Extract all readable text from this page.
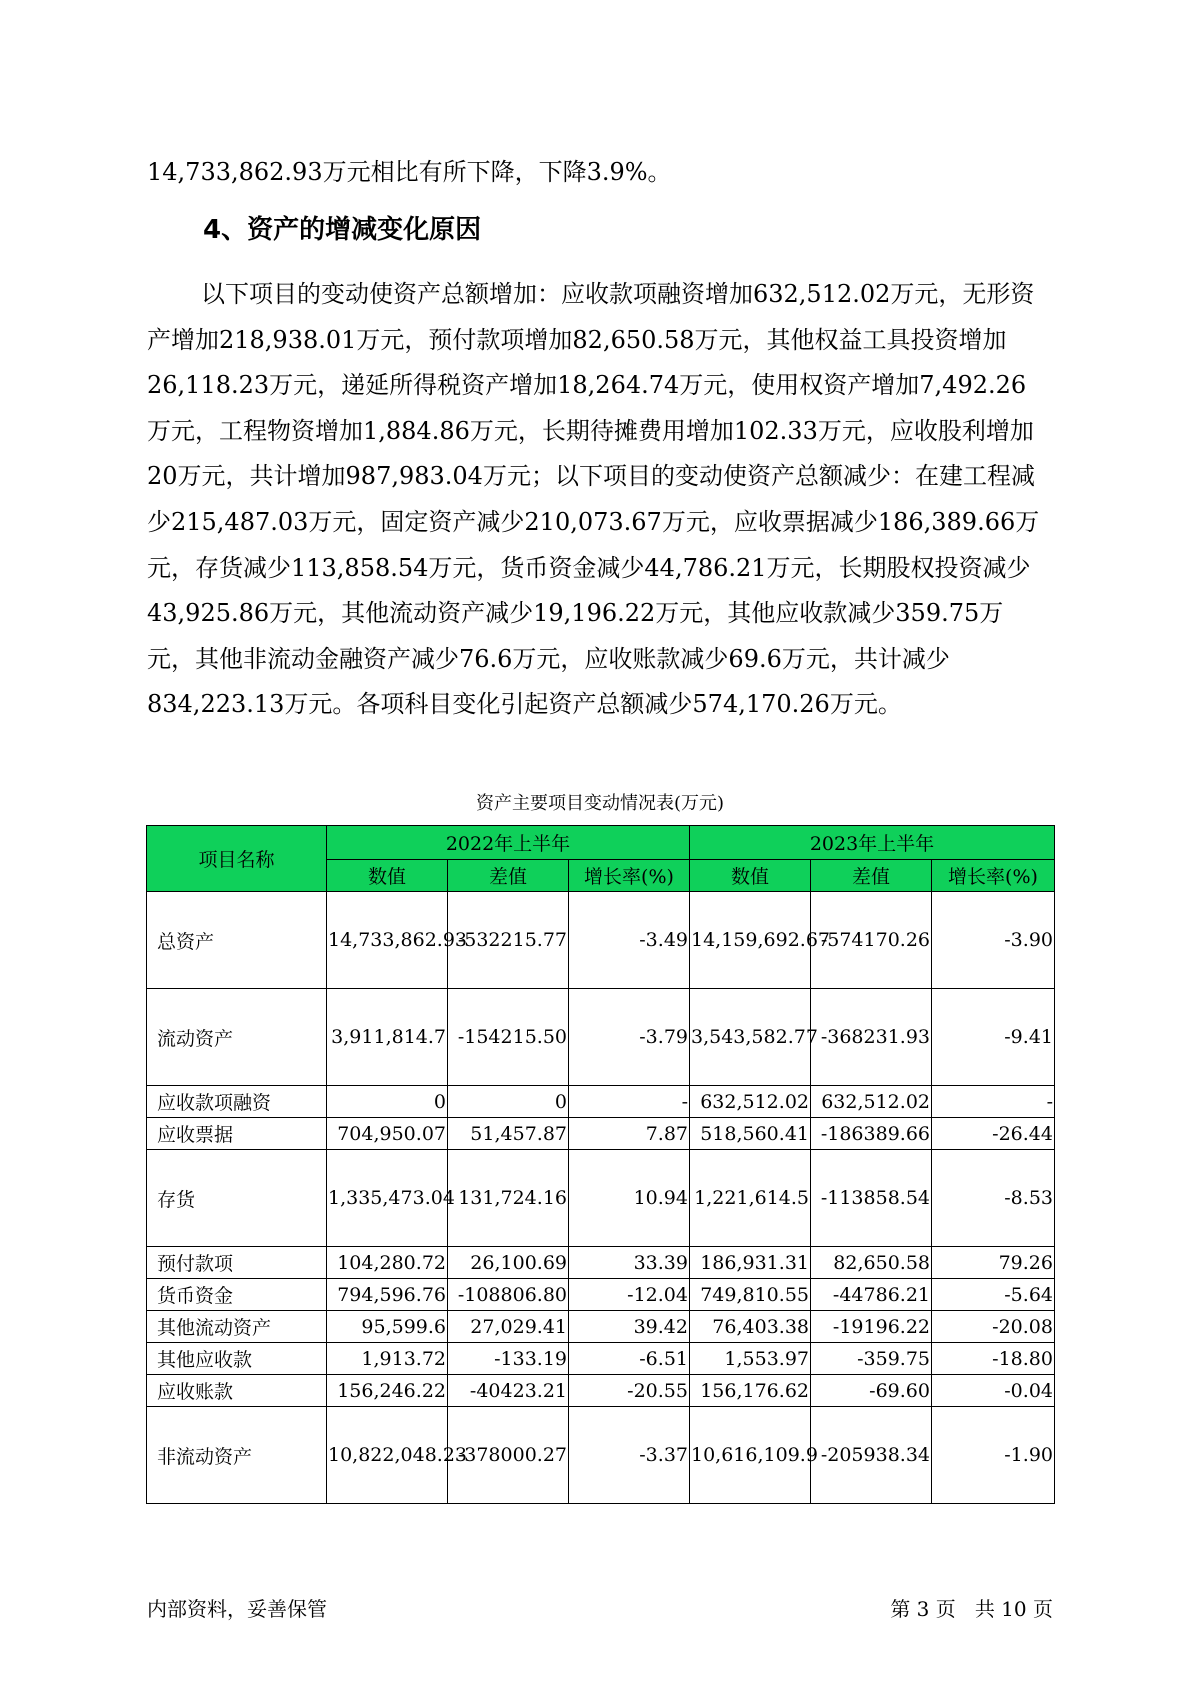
14,733,862.93万元相比有所下降，下降3.9%。

4、资产的增减变化原因

以下项目的变动使资产总额增加：应收款项融资增加632,512.02万元，无形资产增加218,938.01万元，预付款项增加82,650.58万元，其他权益工具投资增加26,118.23万元，递延所得税资产增加18,264.74万元，使用权资产增加7,492.26万元，工程物资增加1,884.86万元，长期待摊费用增加102.33万元，应收股利增加20万元，共计增加987,983.04万元；以下项目的变动使资产总额减少：在建工程减少215,487.03万元，固定资产减少210,073.67万元，应收票据减少186,389.66万元，存货减少113,858.54万元，货币资金减少44,786.21万元，长期股权投资减少43,925.86万元，其他流动资产减少19,196.22万元，其他应收款减少359.75万元，其他非流动金融资产减少76.6万元，应收账款减少69.6万元，共计减少834,223.13万元。各项科目变化引起资产总额减少574,170.26万元。

资产主要项目变动情况表(万元)
项目名称	2022年上半年			2023年上半年		
	数值	差值	增长率(%)	数值	差值	增长率(%)
总资产	14,733,862.93	-532215.77	-3.49	14,159,692.67	-574170.26	-3.90
流动资产	3,911,814.7	-154215.50	-3.79	3,543,582.77	-368231.93	-9.41
应收款项融资	0	0	-	632,512.02	632,512.02	-
应收票据	704,950.07	51,457.87	7.87	518,560.41	-186389.66	-26.44
存货	1,335,473.04	131,724.16	10.94	1,221,614.5	-113858.54	-8.53
预付款项	104,280.72	26,100.69	33.39	186,931.31	82,650.58	79.26
货币资金	794,596.76	-108806.80	-12.04	749,810.55	-44786.21	-5.64
其他流动资产	95,599.6	27,029.41	39.42	76,403.38	-19196.22	-20.08
其他应收款	1,913.72	-133.19	-6.51	1,553.97	-359.75	-18.80
应收账款	156,246.22	-40423.21	-20.55	156,176.62	-69.60	-0.04
非流动资产	10,822,048.23	-378000.27	-3.37	10,616,109.9	-205938.34	-1.90
内部资料，妥善保管	第 3 页   共 10 页
